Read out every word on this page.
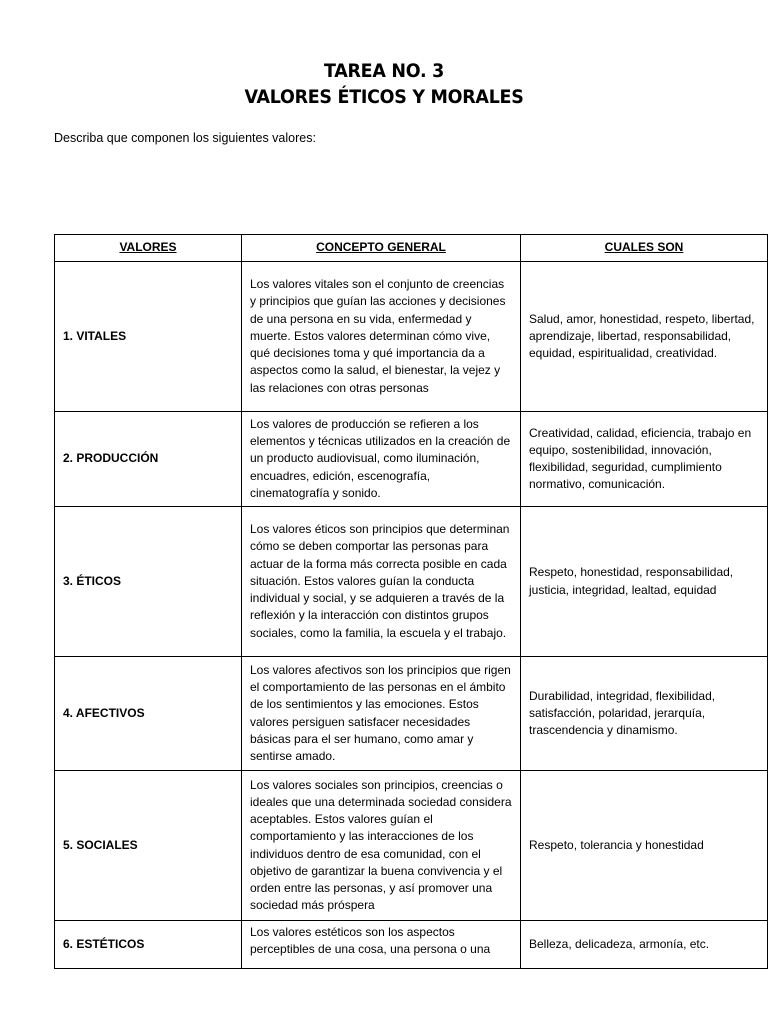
TAREA NO. 3
VALORES ÉTICOS Y MORALES
Describa que componen los siguientes valores:
VALORES	CONCEPTO GENERAL	CUALES SON
1. VITALES	Los valores vitales son el conjunto de creencias y principios que guían las acciones y decisiones de una persona en su vida, enfermedad y muerte. Estos valores determinan cómo vive, qué decisiones toma y qué importancia da a aspectos como la salud, el bienestar, la vejez y las relaciones con otras personas	Salud, amor, honestidad, respeto, libertad, aprendizaje, libertad, responsabilidad, equidad, espiritualidad, creatividad.
2. PRODUCCIÓN	Los valores de producción se refieren a los elementos y técnicas utilizados en la creación de un producto audiovisual, como iluminación, encuadres, edición, escenografía, cinematografía y sonido.	Creatividad, calidad, eficiencia, trabajo en equipo, sostenibilidad, innovación, flexibilidad, seguridad, cumplimiento normativo, comunicación.
3. ÉTICOS	Los valores éticos son principios que determinan cómo se deben comportar las personas para actuar de la forma más correcta posible en cada situación. Estos valores guían la conducta individual y social, y se adquieren a través de la reflexión y la interacción con distintos grupos sociales, como la familia, la escuela y el trabajo.	Respeto, honestidad, responsabilidad, justicia, integridad, lealtad, equidad
4. AFECTIVOS	Los valores afectivos son los principios que rigen el comportamiento de las personas en el ámbito de los sentimientos y las emociones. Estos valores persiguen satisfacer necesidades básicas para el ser humano, como amar y sentirse amado.	Durabilidad, integridad, flexibilidad, satisfacción, polaridad, jerarquía, trascendencia y dinamismo.
5. SOCIALES	Los valores sociales son principios, creencias o ideales que una determinada sociedad considera aceptables. Estos valores guían el comportamiento y las interacciones de los individuos dentro de esa comunidad, con el objetivo de garantizar la buena convivencia y el orden entre las personas, y así promover una sociedad más próspera	Respeto, tolerancia y honestidad
6. ESTÉTICOS	Los valores estéticos son los aspectos perceptibles de una cosa, una persona o una	Belleza, delicadeza, armonía, etc.
